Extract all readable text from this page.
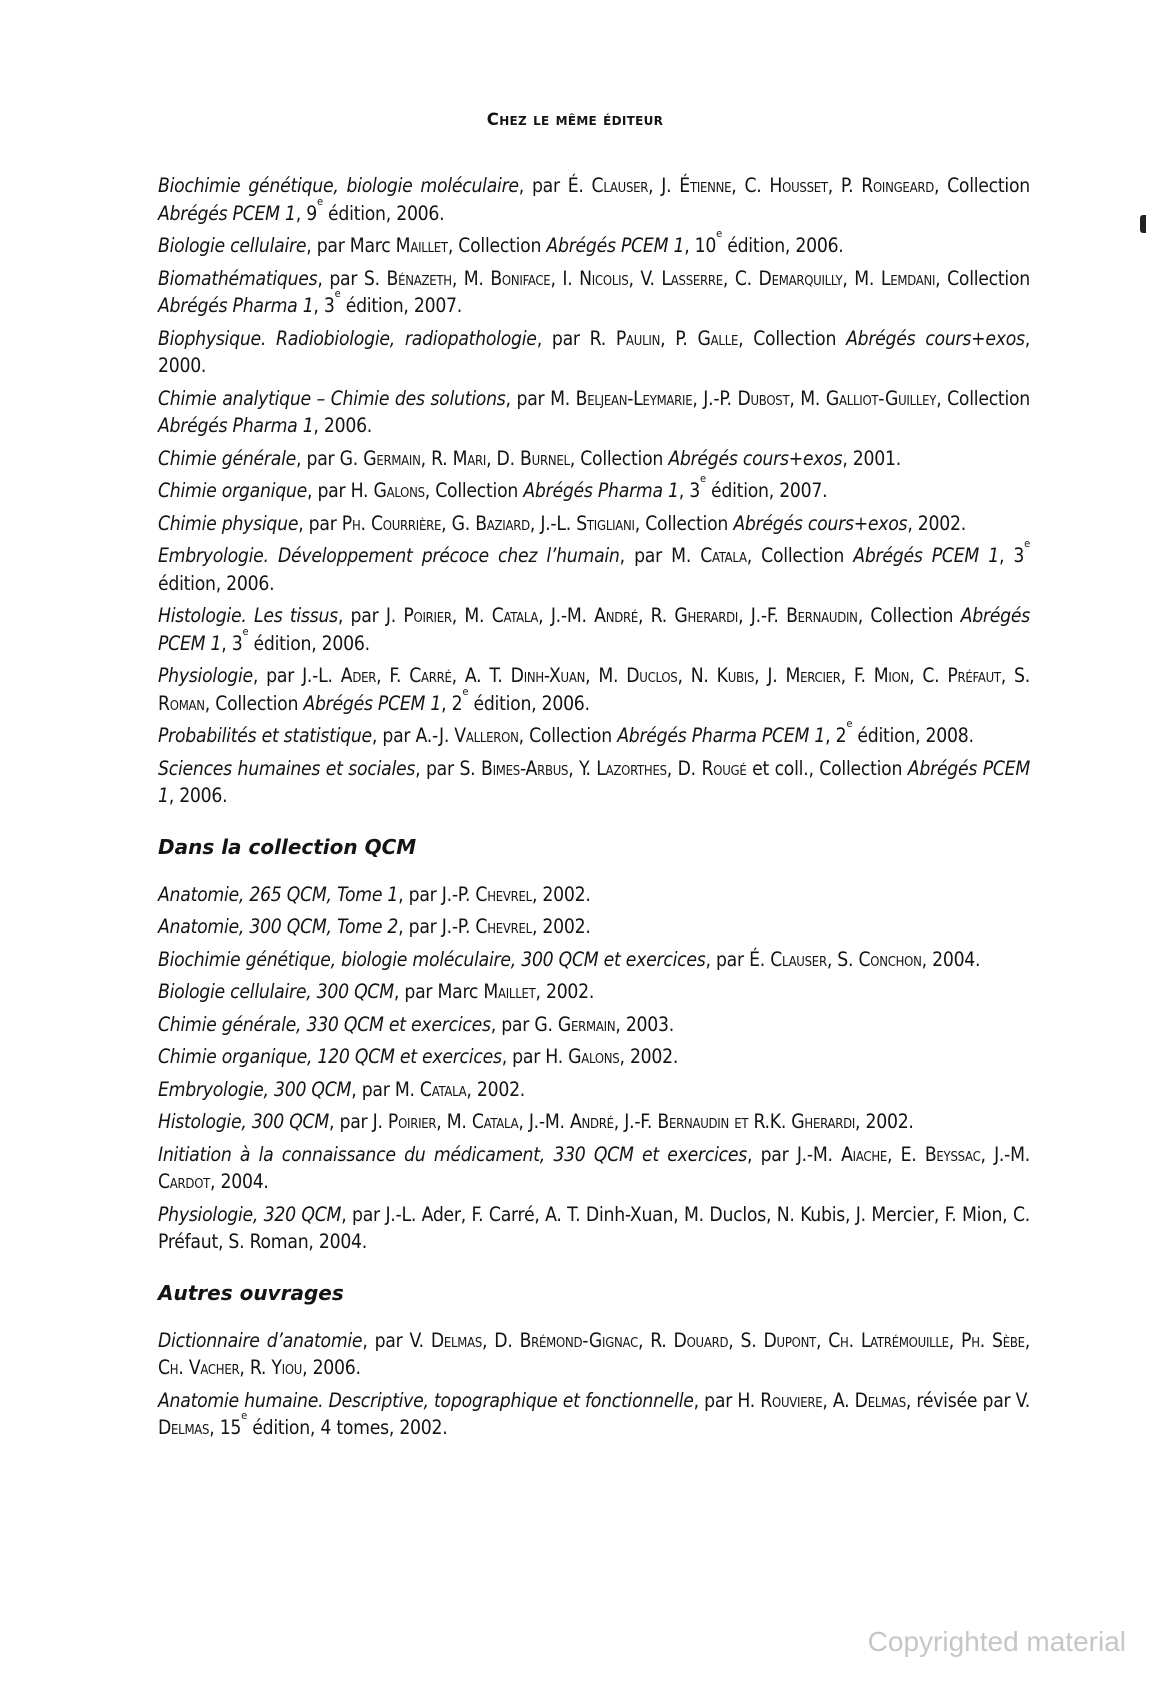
Chez le même éditeur

Biochimie génétique, biologie moléculaire, par É. Clauser, J. Étienne, C. Housset, P. Roingeard, Collection Abrégés PCEM 1, 9e édition, 2006.

Biologie cellulaire, par Marc Maillet, Collection Abrégés PCEM 1, 10e édition, 2006.

Biomathématiques, par S. Bénazeth, M. Boniface, I. Nicolis, V. Lasserre, C. Demarquilly, M. Lemdani, Collection Abrégés Pharma 1, 3e édition, 2007.

Biophysique. Radiobiologie, radiopathologie, par R. Paulin, P. Galle, Collection Abrégés cours+exos, 2000.

Chimie analytique – Chimie des solutions, par M. Beljean-Leymarie, J.-P. Dubost, M. Galliot-Guilley, Collection Abrégés Pharma 1, 2006.

Chimie générale, par G. Germain, R. Mari, D. Burnel, Collection Abrégés cours+exos, 2001.

Chimie organique, par H. Galons, Collection Abrégés Pharma 1, 3e édition, 2007.

Chimie physique, par Ph. Courrière, G. Baziard, J.-L. Stigliani, Collection Abrégés cours+exos, 2002.

Embryologie. Développement précoce chez l’humain, par M. Catala, Collection Abrégés PCEM 1, 3e édition, 2006.

Histologie. Les tissus, par J. Poirier, M. Catala, J.-M. André, R. Gherardi, J.-F. Bernaudin, Collection Abrégés PCEM 1, 3e édition, 2006.

Physiologie, par J.-L. Ader, F. Carré, A. T. Dinh-Xuan, M. Duclos, N. Kubis, J. Mercier, F. Mion, C. Préfaut, S. Roman, Collection Abrégés PCEM 1, 2e édition, 2006.

Probabilités et statistique, par A.-J. Valleron, Collection Abrégés Pharma PCEM 1, 2e édition, 2008.

Sciences humaines et sociales, par S. Bimes-Arbus, Y. Lazorthes, D. Rougé et coll., Collection Abrégés PCEM 1, 2006.

Dans la collection QCM

Anatomie, 265 QCM, Tome 1, par J.-P. Chevrel, 2002.

Anatomie, 300 QCM, Tome 2, par J.-P. Chevrel, 2002.

Biochimie génétique, biologie moléculaire, 300 QCM et exercices, par É. Clauser, S. Conchon, 2004.

Biologie cellulaire, 300 QCM, par Marc Maillet, 2002.

Chimie générale, 330 QCM et exercices, par G. Germain, 2003.

Chimie organique, 120 QCM et exercices, par H. Galons, 2002.

Embryologie, 300 QCM, par M. Catala, 2002.

Histologie, 300 QCM, par J. Poirier, M. Catala, J.-M. André, J.-F. Bernaudin et R.K. Gherardi, 2002.

Initiation à la connaissance du médicament, 330 QCM et exercices, par J.-M. Aiache, E. Beyssac, J.-M. Cardot, 2004.

Physiologie, 320 QCM, par J.-L. Ader, F. Carré, A. T. Dinh-Xuan, M. Duclos, N. Kubis, J. Mercier, F. Mion, C. Préfaut, S. Roman, 2004.

Autres ouvrages

Dictionnaire d’anatomie, par V. Delmas, D. Brémond-Gignac, R. Douard, S. Dupont, Ch. Latrémouille, Ph. Sèbe, Ch. Vacher, R. Yiou, 2006.

Anatomie humaine. Descriptive, topographique et fonctionnelle, par H. Rouviere, A. Delmas, révisée par V. Delmas, 15e édition, 4 tomes, 2002.

Copyrighted material
